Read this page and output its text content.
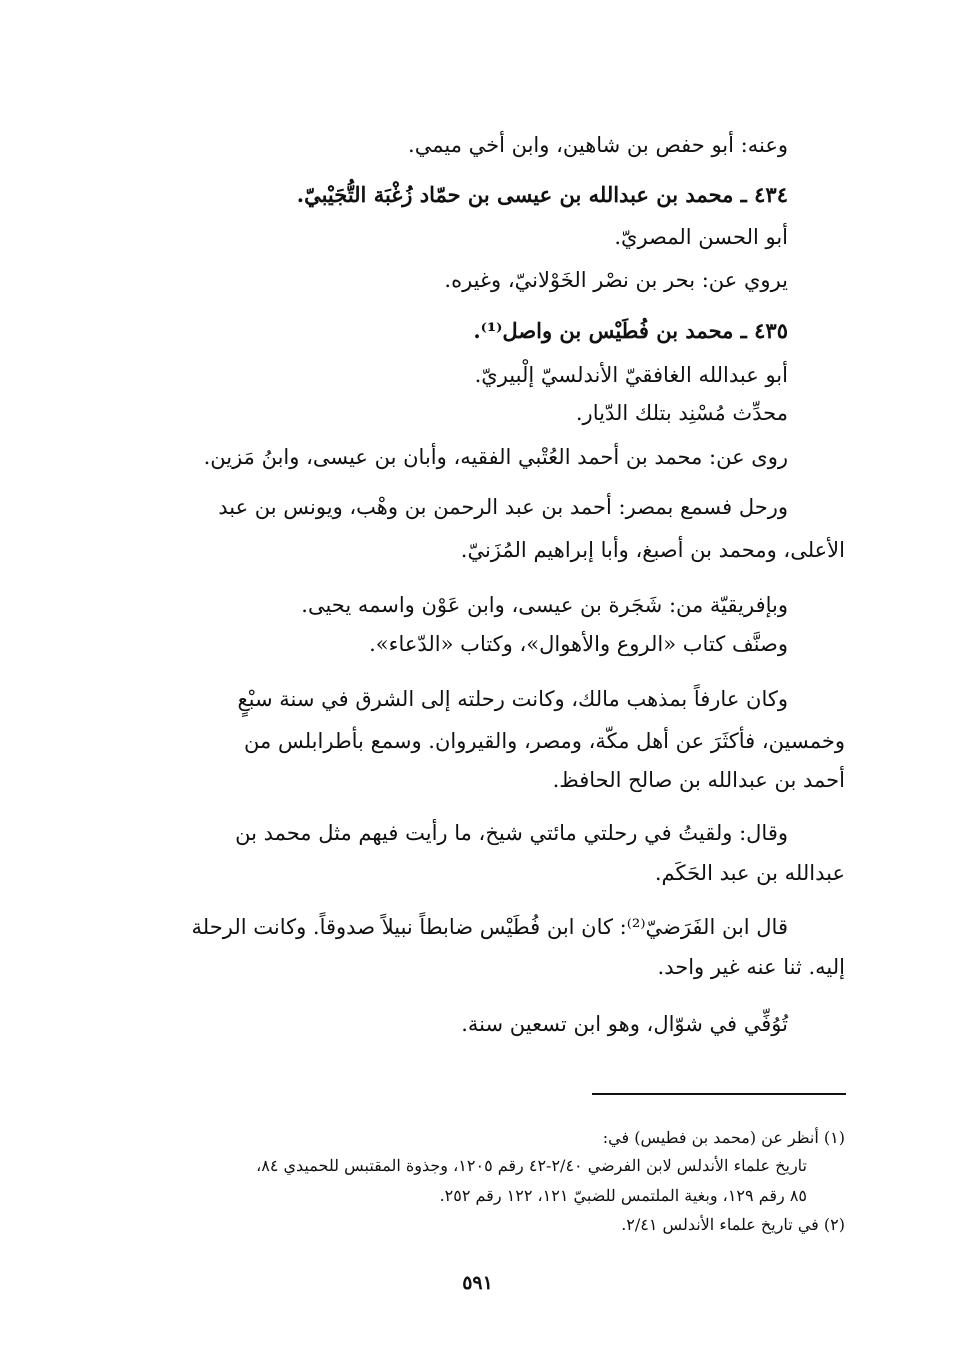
وعنه: أبو حفص بن شاهين، وابن أخي ميمي.
٤٣٤ ـ محمد بن عبدالله بن عيسى بن حمّاد زُغْبَة التُّجَيْبيّ.
أبو الحسن المصريّ.
يروي عن: بحر بن نصْر الخَوْلانيّ، وغيره.
٤٣٥ ـ محمد بن فُطَيْس بن واصل⁽¹⁾.
أبو عبدالله الغافقيّ الأندلسيّ إلْبيريّ.
محدِّث مُسْنِد بتلك الدّيار.
روى عن: محمد بن أحمد العُتْبي الفقيه، وأبان بن عيسى، وابنُ مَزين.
ورحل فسمع بمصر: أحمد بن عبد الرحمن بن وهْب، ويونس بن عبد
الأعلى، ومحمد بن أصبغ، وأبا إبراهيم المُزَنيّ.
وبإفريقيّة من: شَجَرة بن عيسى، وابن عَوْن واسمه يحيى.
وصنَّف كتاب «الروع والأهوال»، وكتاب «الدّعاء».
وكان عارفاً بمذهب مالك، وكانت رحلته إلى الشرق في سنة سبْعٍ
وخمسين، فأكثَرَ عن أهل مكّة، ومصر، والقيروان. وسمع بأطرابلس من
أحمد بن عبدالله بن صالح الحافظ.
وقال: ولقيتُ في رحلتي مائتي شيخ، ما رأيت فيهم مثل محمد بن
عبدالله بن عبد الحَكَم.
قال ابن الفَرَضيّ⁽²⁾: كان ابن فُطَيْس ضابطاً نبيلاً صدوقاً. وكانت الرحلة
إليه. ثنا عنه غير واحد.
تُوُفِّي في شوّال، وهو ابن تسعين سنة.
(١) أنظر عن (محمد بن فطيس) في:
تاريخ علماء الأندلس لابن الفرضي ٢/٤٠-٤٢ رقم ١٢٠٥، وجذوة المقتبس للحميدي ٨٤،
٨٥ رقم ١٢٩، وبغية الملتمس للضبيّ ١٢١، ١٢٢ رقم ٢٥٢.
(٢) في تاريخ علماء الأندلس ٢/٤١.
٥٩١
